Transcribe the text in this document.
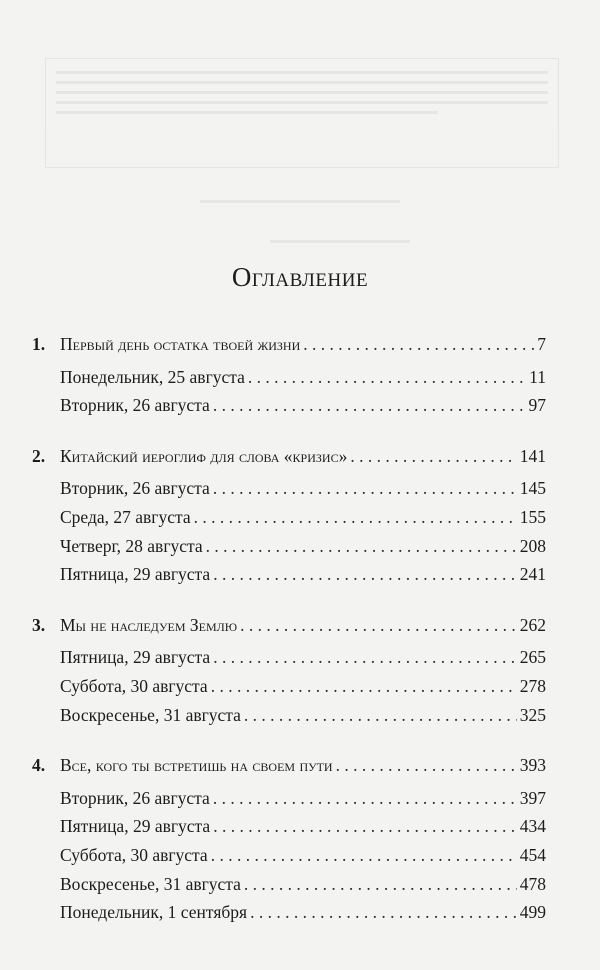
Оглавление
1. Первый день остатка твоей жизни . . .	7
Понедельник, 25 августа . . .	11
Вторник, 26 августа . . .	97
2. Китайский иероглиф для слова «кризис» . . .	141
Вторник, 26 августа . . .	145
Среда, 27 августа . . .	155
Четверг, 28 августа . . .	208
Пятница, 29 августа . . .	241
3. Мы не наследуем Землю . . .	262
Пятница, 29 августа . . .	265
Суббота, 30 августа . . .	278
Воскресенье, 31 августа . . .	325
4. Все, кого ты встретишь на своем пути . . .	393
Вторник, 26 августа . . .	397
Пятница, 29 августа . . .	434
Суббота, 30 августа . . .	454
Воскресенье, 31 августа . . .	478
Понедельник, 1 сентября . . .	499
